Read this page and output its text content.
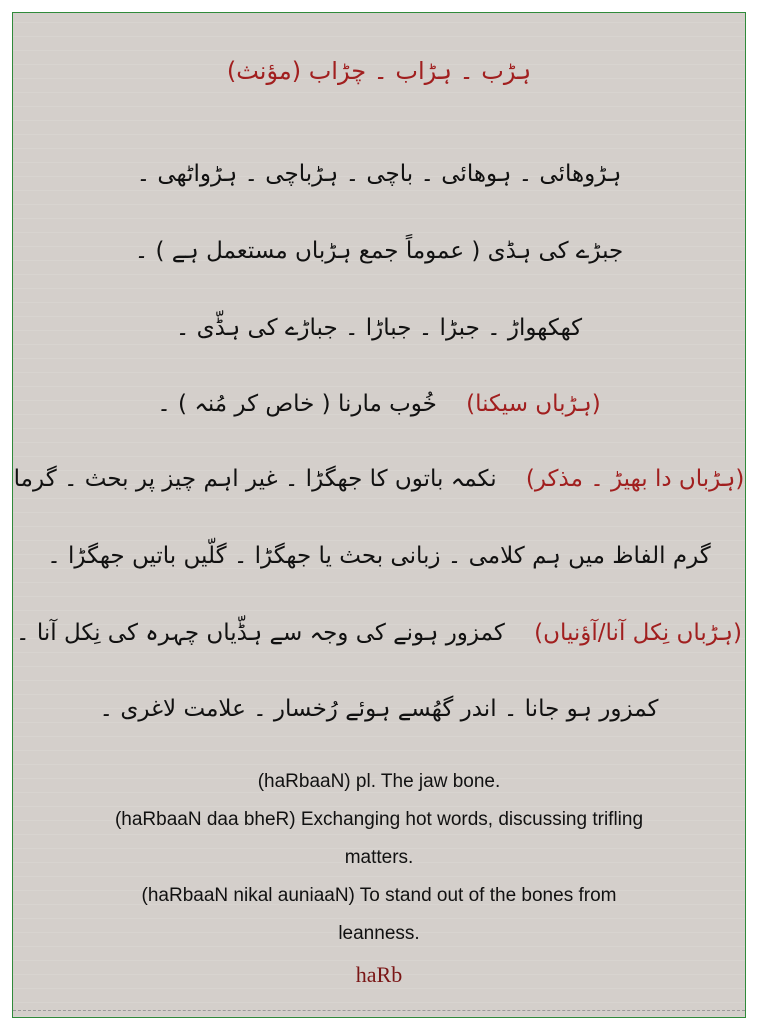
ہڑب ۔ ہڑاب ۔ چڑاب (مؤنث)
ہڑوھائی ۔ ہوھائی ۔ باچی ۔ ہڑباچی ۔ ہڑواٹھی ۔
جبڑے کی ہڈی ( عموماً جمع ہڑباں مستعمل ہے ) ۔
کھکھواڑ ۔ جبڑا ۔ جباڑا ۔ جباڑے کی ہڈّی ۔
(ہڑباں سیکنا)    خُوب مارنا ( خاص کر مُنہ ) ۔
(ہڑباں دا بھیڑ ۔ مذکر)    نکمہ باتوں کا جھگڑا ۔ غیر اہم چیز پر بحث ۔ گرما
گرم الفاظ میں ہم کلامی ۔ زبانی بحث یا جھگڑا ۔ گلّیں باتیں جھگڑا ۔
(ہڑباں نِکل آنا/آؤنیاں)    کمزور ہونے کی وجہ سے ہڈّیاں چہرہ کی نِکل آنا ۔
کمزور ہو جانا ۔ اندر گھُسے ہوئے رُخسار ۔ علامت لاغری ۔
(haRbaaN) pl. The jaw bone.
(haRbaaN daa bheR) Exchanging hot words, discussing trifling
matters.
(haRbaaN nikal auniaaN) To stand out of the bones from
leanness.
haRb
